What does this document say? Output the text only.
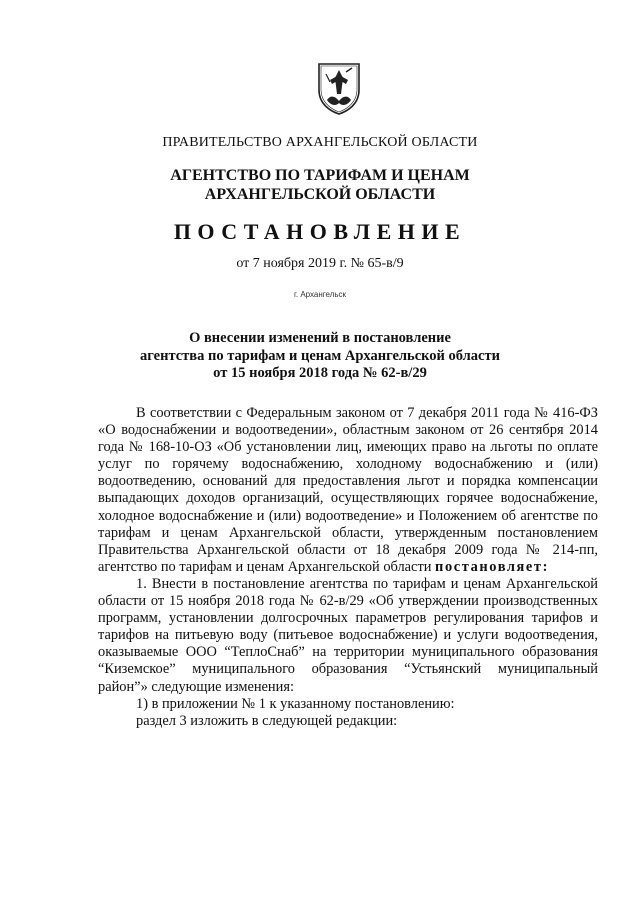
ПРАВИТЕЛЬСТВО АРХАНГЕЛЬСКОЙ ОБЛАСТИ
АГЕНТСТВО ПО ТАРИФАМ И ЦЕНАМ
АРХАНГЕЛЬСКОЙ ОБЛАСТИ
ПОСТАНОВЛЕНИЕ
от 7 ноября 2019 г. № 65-в/9
г. Архангельск
О внесении изменений в постановление
агентства по тарифам и ценам Архангельской области
от 15 ноября 2018 года № 62-в/29

В соответствии с Федеральным законом от 7 декабря 2011 года № 416-ФЗ «О водоснабжении и водоотведении», областным законом от 26 сентября 2014 года № 168-10-ОЗ «Об установлении лиц, имеющих право на льготы по оплате услуг по горячему водоснабжению, холодному водоснабжению и (или) водоотведению, оснований для предоставления льгот и порядка компенсации выпадающих доходов организаций, осуществляющих горячее водоснабжение, холодное водоснабжение и (или) водоотведение» и Положением об агентстве по тарифам и ценам Архангельской области, утвержденным постановлением Правительства Архангельской области от 18 декабря 2009 года № 214-пп, агентство по тарифам и ценам Архангельской области постановляет:

1. Внести в постановление агентства по тарифам и ценам Архангельской области от 15 ноября 2018 года № 62-в/29 «Об утверждении производственных программ, установлении долгосрочных параметров регулирования тарифов и тарифов на питьевую воду (питьевое водоснабжение) и услуги водоотведения, оказываемые ООО “ТеплоСнаб” на территории муниципального образования “Киземское” муниципального образования “Устьянский муниципальный район”» следующие изменения:

1) в приложении № 1 к указанному постановлению:

раздел 3 изложить в следующей редакции:
